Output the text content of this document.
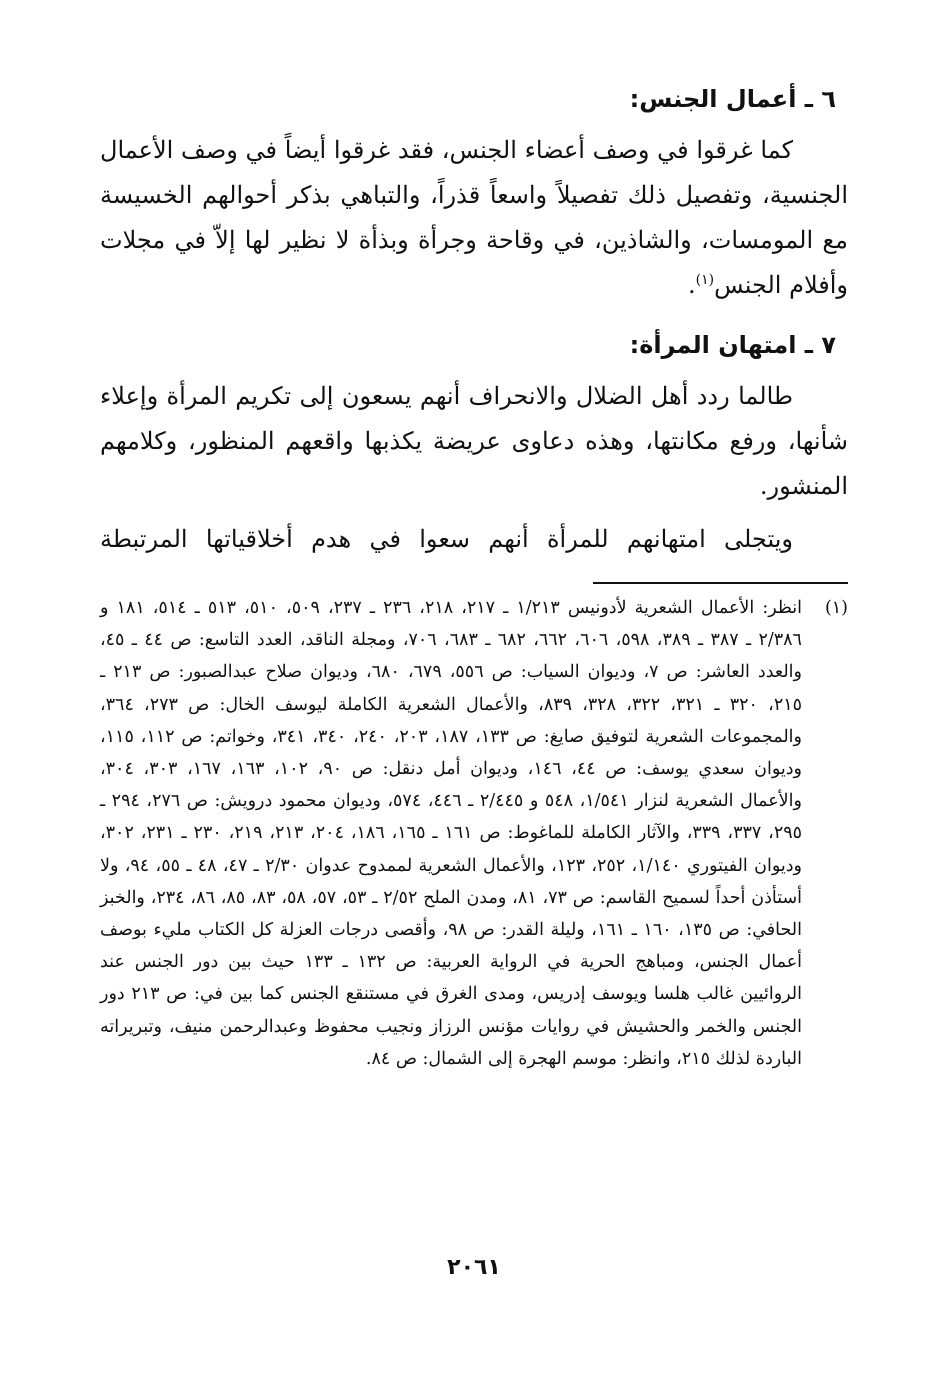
٦ ـ أعمال الجنس:

كما غرقوا في وصف أعضاء الجنس، فقد غرقوا أيضاً في وصف الأعمال الجنسية، وتفصيل ذلك تفصيلاً واسعاً قذراً، والتباهي بذكر أحوالهم الخسيسة مع المومسات، والشاذين، في وقاحة وجرأة وبذأة لا نظير لها إلاّ في مجلات وأفلام الجنس$^{(١)}$.

٧ ـ امتهان المرأة:

طالما ردد أهل الضلال والانحراف أنهم يسعون إلى تكريم المرأة وإعلاء شأنها، ورفع مكانتها، وهذه دعاوى عريضة يكذبها واقعهم المنظور، وكلامهم المنشور.

ويتجلى امتهانهم للمرأة أنهم سعوا في هدم أخلاقياتها المرتبطة

(١)
انظر: الأعمال الشعرية لأدونيس ١/٢١٣ ـ ٢١٧، ٢١٨، ٢٣٦ ـ ٢٣٧، ٥٠٩، ٥١٠، ٥١٣ ـ ٥١٤، ١٨١ و ٢/٣٨٦ ـ ٣٨٧ ـ ٣٨٩، ٥٩٨، ٦٠٦، ٦٦٢، ٦٨٢ ـ ٦٨٣، ٧٠٦، ومجلة الناقد، العدد التاسع: ص ٤٤ ـ ٤٥، والعدد العاشر: ص ٧، وديوان السياب: ص ٥٥٦، ٦٧٩، ٦٨٠، وديوان صلاح عبدالصبور: ص ٢١٣ ـ ٢١٥، ٣٢٠ ـ ٣٢١، ٣٢٢، ٣٢٨، ٨٣٩، والأعمال الشعرية الكاملة ليوسف الخال: ص ٢٧٣، ٣٦٤، والمجموعات الشعرية لتوفيق صايغ: ص ١٣٣، ١٨٧، ٢٠٣، ٢٤٠، ٣٤٠، ٣٤١، وخواتم: ص ١١٢، ١١٥، وديوان سعدي يوسف: ص ٤٤، ١٤٦، وديوان أمل دنقل: ص ٩٠، ١٠٢، ١٦٣، ١٦٧، ٣٠٣، ٣٠٤، والأعمال الشعرية لنزار ١/٥٤١، ٥٤٨ و ٢/٤٤٥ ـ ٤٤٦، ٥٧٤، وديوان محمود درويش: ص ٢٧٦، ٢٩٤ ـ ٢٩٥، ٣٣٧، ٣٣٩، والآثار الكاملة للماغوط: ص ١٦١ ـ ١٦٥، ١٨٦، ٢٠٤، ٢١٣، ٢١٩، ٢٣٠ ـ ٢٣١، ٣٠٢، وديوان الفيتوري ١/١٤٠، ٢٥٢، ١٢٣، والأعمال الشعرية لممدوح عدوان ٢/٣٠ ـ ٤٧، ٤٨ ـ ٥٥، ٩٤، ولا أستأذن أحداً لسميح القاسم: ص ٧٣، ٨١، ومدن الملح ٢/٥٢ ـ ٥٣، ٥٧، ٥٨، ٨٣، ٨٥، ٨٦، ٢٣٤، والخبز الحافي: ص ١٣٥، ١٦٠ ـ ١٦١، وليلة القدر: ص ٩٨، وأقصى درجات العزلة كل الكتاب مليء بوصف أعمال الجنس، ومباهج الحرية في الرواية العربية: ص ١٣٢ ـ ١٣٣ حيث بين دور الجنس عند الروائيين غالب هلسا ويوسف إدريس، ومدى الغرق في مستنقع الجنس كما بين في: ص ٢١٣ دور الجنس والخمر والحشيش في روايات مؤنس الرزاز ونجيب محفوظ وعبدالرحمن منيف، وتبريراته الباردة لذلك ٢١٥، وانظر: موسم الهجرة إلى الشمال: ص ٨٤.
٢٠٦١
